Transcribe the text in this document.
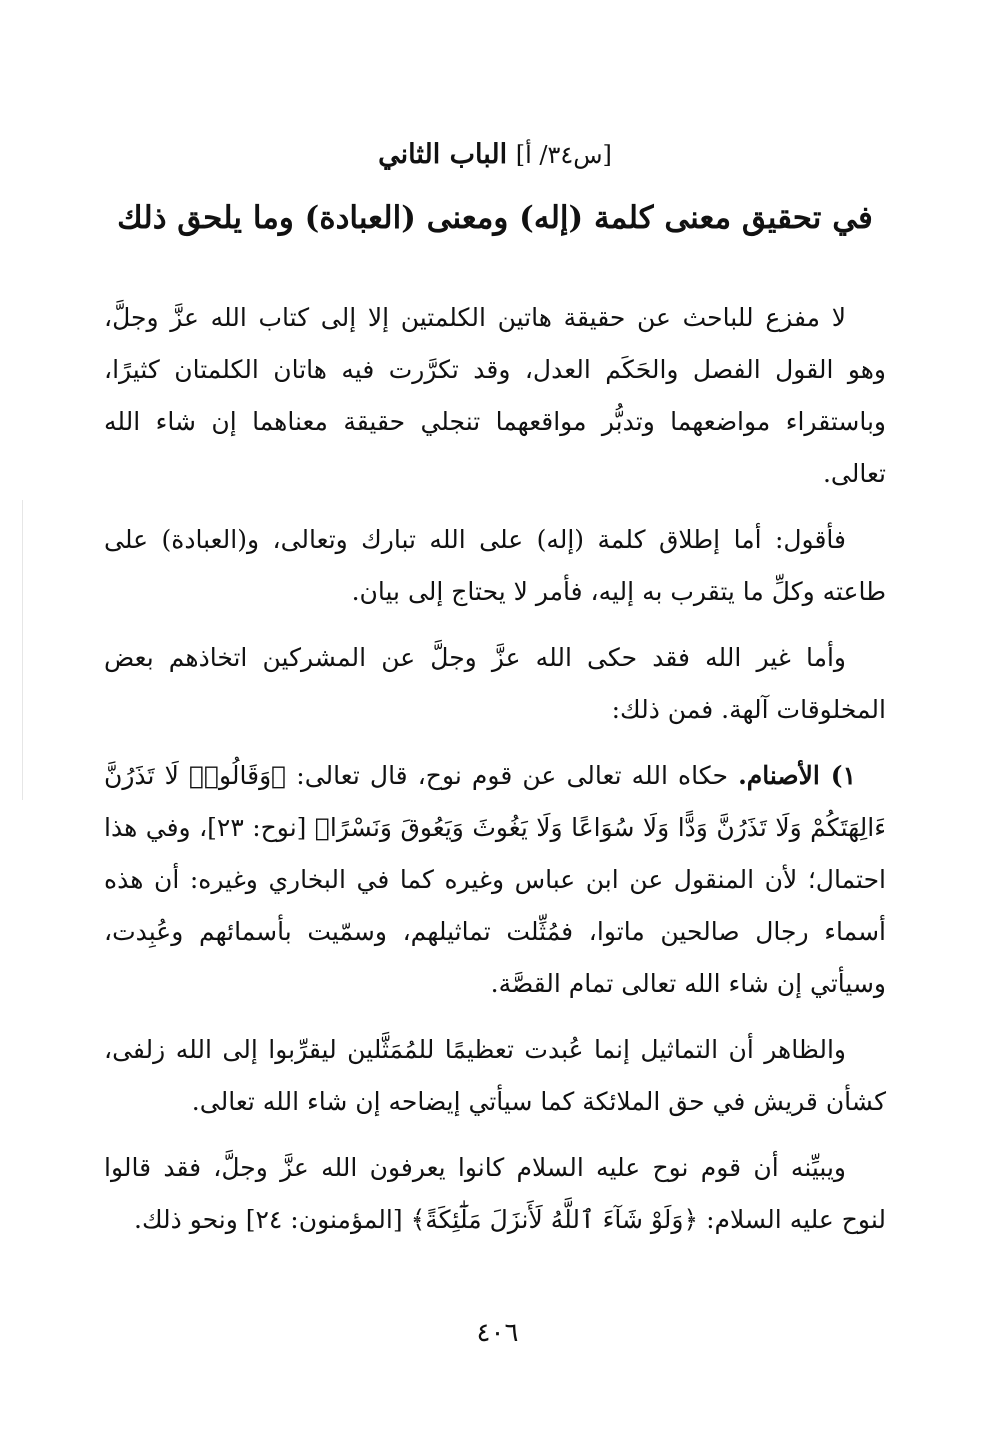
[س٣٤/ أ] الباب الثاني
في تحقيق معنى كلمة (إله) ومعنى (العبادة) وما يلحق ذلك

لا مفزع للباحث عن حقيقة هاتين الكلمتين إلا إلى كتاب الله عزَّ وجلَّ، وهو القول الفصل والحَكَم العدل، وقد تكرَّرت فيه هاتان الكلمتان كثيرًا، وباستقراء مواضعهما وتدبُّر مواقعهما تنجلي حقيقة معناهما إن شاء الله تعالى.

فأقول: أما إطلاق كلمة (إله) على الله تبارك وتعالى، و(العبادة) على طاعته وكلِّ ما يتقرب به إليه، فأمر لا يحتاج إلى بيان.

وأما غير الله فقد حكى الله عزَّ وجلَّ عن المشركين اتخاذهم بعض المخلوقات آلهة. فمن ذلك:

١) الأصنام. حكاه الله تعالى عن قوم نوح، قال تعالى: ﴿وَقَالُوا۟ لَا تَذَرُنَّ ءَالِهَتَكُمْ وَلَا تَذَرُنَّ وَدًّا وَلَا سُوَاعًا وَلَا يَغُوثَ وَيَعُوقَ وَنَسْرًا﴾ [نوح: ٢٣]، وفي هذا احتمال؛ لأن المنقول عن ابن عباس وغيره كما في البخاري وغيره: أن هذه أسماء رجال صالحين ماتوا، فمُثِّلت تماثيلهم، وسمّيت بأسمائهم وعُبِدت، وسيأتي إن شاء الله تعالى تمام القصَّة.

والظاهر أن التماثيل إنما عُبدت تعظيمًا للمُمَثَّلين ليقرِّبوا إلى الله زلفى، كشأن قريش في حق الملائكة كما سيأتي إيضاحه إن شاء الله تعالى.

ويبيِّنه أن قوم نوح عليه السلام كانوا يعرفون الله عزَّ وجلَّ، فقد قالوا لنوح عليه السلام: ﴿وَلَوْ شَآءَ ٱللَّهُ لَأَنزَلَ مَلَٰٓئِكَةً﴾ [المؤمنون: ٢٤] ونحو ذلك.

٤٠٦
